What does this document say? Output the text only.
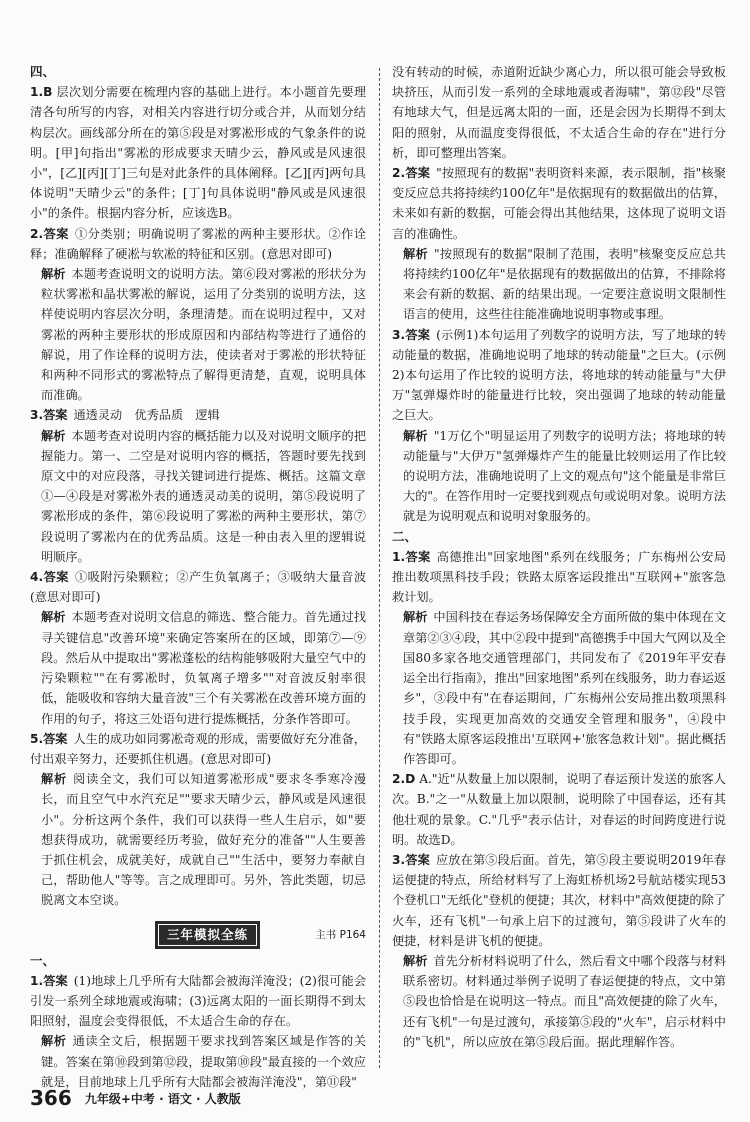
四、

1.B 层次划分需要在梳理内容的基础上进行。本小题首先要理清各句所写的内容，对相关内容进行切分或合并，从而划分结构层次。画线部分所在的第⑤段是对雾凇形成的气象条件的说明。[甲]句指出"雾凇的形成要求天晴少云，静风或是风速很小"，[乙][丙][丁]三句是对此条件的具体阐释。[乙][丙]两句具体说明"天晴少云"的条件；[丁]句具体说明"静风或是风速很小"的条件。根据内容分析，应该选B。

2.答案 ①分类别；明确说明了雾凇的两种主要形状。②作诠释；准确解释了硬凇与软凇的特征和区别。(意思对即可)

解析 本题考查说明文的说明方法。第⑥段对雾凇的形状分为粒状雾凇和晶状雾凇的解说，运用了分类别的说明方法，这样使说明内容层次分明，条理清楚。而在说明过程中，又对雾凇的两种主要形状的形成原因和内部结构等进行了通俗的解说，用了作诠释的说明方法，使读者对于雾凇的形状特征和两种不同形式的雾凇特点了解得更清楚，直观，说明具体而准确。

3.答案 通透灵动　优秀品质　逻辑

解析 本题考查对说明内容的概括能力以及对说明文顺序的把握能力。第一、二空是对说明内容的概括，答题时要先找到原文中的对应段落，寻找关键词进行提炼、概括。这篇文章①—④段是对雾凇外表的通透灵动美的说明，第⑤段说明了雾凇形成的条件，第⑥段说明了雾凇的两种主要形状，第⑦段说明了雾凇内在的优秀品质。这是一种由表入里的逻辑说明顺序。

4.答案 ①吸附污染颗粒；②产生负氧离子；③吸纳大量音波(意思对即可)

解析 本题考查对说明文信息的筛选、整合能力。首先通过找寻关键信息"改善环境"来确定答案所在的区域，即第⑦—⑨段。然后从中提取出"雾凇蓬松的结构能够吸附大量空气中的污染颗粒""在有雾凇时，负氧离子增多""对音波反射率很低，能吸收和容纳大量音波"三个有关雾凇在改善环境方面的作用的句子，将这三处语句进行提炼概括，分条作答即可。

5.答案 人生的成功如同雾凇奇观的形成，需要做好充分准备，付出艰辛努力，还要抓住机遇。(意思对即可)

解析 阅读全文，我们可以知道雾凇形成"要求冬季寒冷漫长，而且空气中水汽充足""要求天晴少云，静风或是风速很小"。分析这两个条件，我们可以获得一些人生启示，如"要想获得成功，就需要经历考验，做好充分的准备""人生要善于抓住机会，成就美好，成就自己""生活中，要努力奉献自己，帮助他人"等等。言之成理即可。另外，答此类题，切忌脱离文本空谈。

三年模拟全练	主书 P164

一、

1.答案 (1)地球上几乎所有大陆都会被海洋淹没；(2)很可能会引发一系列全球地震或海啸；(3)远离太阳的一面长期得不到太阳照射，温度会变得很低，不太适合生命的存在。

解析 通读全文后，根据题干要求找到答案区域是作答的关键。答案在第⑩段到第⑫段，提取第⑩段"最直接的一个效应就是，目前地球上几乎所有大陆都会被海洋淹没"，第⑪段"

没有转动的时候，赤道附近缺少离心力，所以很可能会导致板块挤压，从而引发一系列的全球地震或者海啸"，第⑫段"尽管有地球大气，但是远离太阳的一面，还是会因为长期得不到太阳的照射，从而温度变得很低，不太适合生命的存在"进行分析，即可整理出答案。

2.答案 "按照现有的数据"表明资料来源，表示限制，指"核聚变反应总共将持续约100亿年"是依据现有的数据做出的估算，未来如有新的数据，可能会得出其他结果，这体现了说明文语言的准确性。

解析 "按照现有的数据"限制了范围，表明"核聚变反应总共将持续约100亿年"是依据现有的数据做出的估算，不排除将来会有新的数据、新的结果出现。一定要注意说明文限制性语言的使用，这些往往能准确地说明事物或事理。

3.答案 (示例1)本句运用了列数字的说明方法，写了地球的转动能量的数据，准确地说明了地球的转动能量"之巨大。(示例2)本句运用了作比较的说明方法，将地球的转动能量与"大伊万"氢弹爆炸时的能量进行比较，突出强调了地球的转动能量之巨大。

解析 "1万亿个"明显运用了列数字的说明方法；将地球的转动能量与"大伊万"氢弹爆炸产生的能量比较则运用了作比较的说明方法，准确地说明了上文的观点句"这个能量是非常巨大的"。在答作用时一定要找到观点句或说明对象。说明方法就是为说明观点和说明对象服务的。

二、

1.答案 高德推出"回家地图"系列在线服务；广东梅州公安局推出数项黑科技手段；铁路太原客运段推出"互联网+"旅客急救计划。

解析 中国科技在春运务场保障安全方面所做的集中体现在文章第②③④段，其中②段中提到"高德携手中国大气网以及全国80多家各地交通管理部门，共同发布了《2019年平安春运全出行指南》，推出"回家地图"系列在线服务，助力春运返乡"，③段中有"在春运期间，广东梅州公安局推出数项黑科技手段，实现更加高效的交通安全管理和服务"，④段中有"铁路太原客运段推出'互联网+'旅客急救计划"。据此概括作答即可。

2.D A."近"从数量上加以限制，说明了春运预计发送的旅客人次。B."之一"从数量上加以限制，说明除了中国春运，还有其他壮观的景象。C."几乎"表示估计，对春运的时间跨度进行说明。故选D。

3.答案 应放在第⑤段后面。首先，第⑤段主要说明2019年春运便捷的特点，所给材料写了上海虹桥机场2号航站楼实现53个登机口"无纸化"登机的便捷；其次，材料中"高效便捷的除了火车，还有飞机"一句承上启下的过渡句，第⑤段讲了火车的便捷，材料是讲飞机的便捷。

解析 首先分析材料说明了什么，然后看文中哪个段落与材料联系密切。材料通过举例子说明了春运便捷的特点，文中第⑤段也恰恰是在说明这一特点。而且"高效便捷的除了火车，还有飞机"一句是过渡句，承接第⑤段的"火车"，启示材料中的"飞机"，所以应放在第⑤段后面。据此理解作答。

366 九年级+中考 · 语文 · 人教版
